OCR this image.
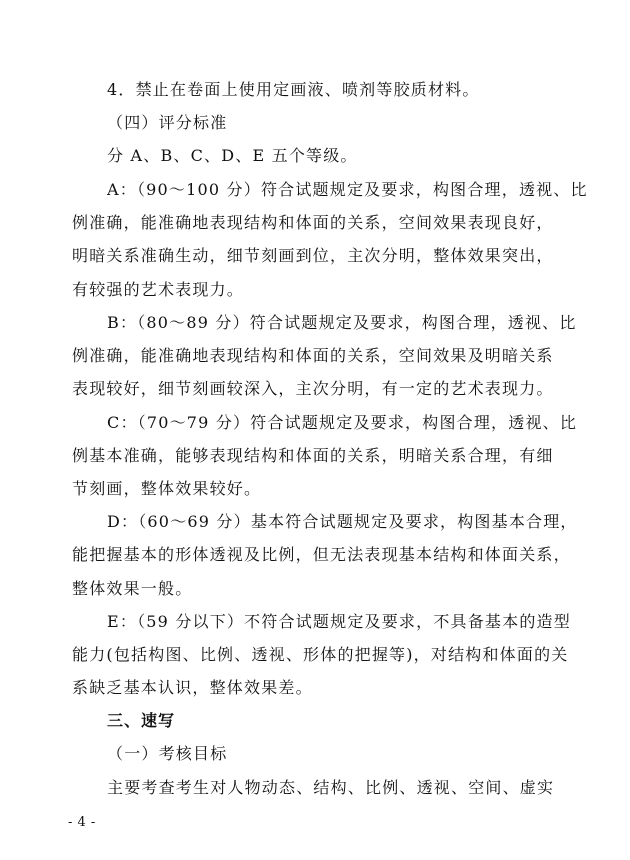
4．禁止在卷面上使用定画液、喷剂等胶质材料。
（四）评分标准
分 A、B、C、D、E 五个等级。
A：（90～100 分）符合试题规定及要求，构图合理，透视、比
例准确，能准确地表现结构和体面的关系，空间效果表现良好，
明暗关系准确生动，细节刻画到位，主次分明，整体效果突出，
有较强的艺术表现力。
B：（80～89 分）符合试题规定及要求，构图合理，透视、比
例准确，能准确地表现结构和体面的关系，空间效果及明暗关系
表现较好，细节刻画较深入，主次分明，有一定的艺术表现力。
C：（70～79 分）符合试题规定及要求，构图合理，透视、比
例基本准确，能够表现结构和体面的关系，明暗关系合理，有细
节刻画，整体效果较好。
D：（60～69 分）基本符合试题规定及要求，构图基本合理，
能把握基本的形体透视及比例，但无法表现基本结构和体面关系，
整体效果一般。
E：（59 分以下）不符合试题规定及要求，不具备基本的造型
能力(包括构图、比例、透视、形体的把握等)，对结构和体面的关
系缺乏基本认识，整体效果差。
三、速写
（一）考核目标
主要考查考生对人物动态、结构、比例、透视、空间、虚实
- 4 -
